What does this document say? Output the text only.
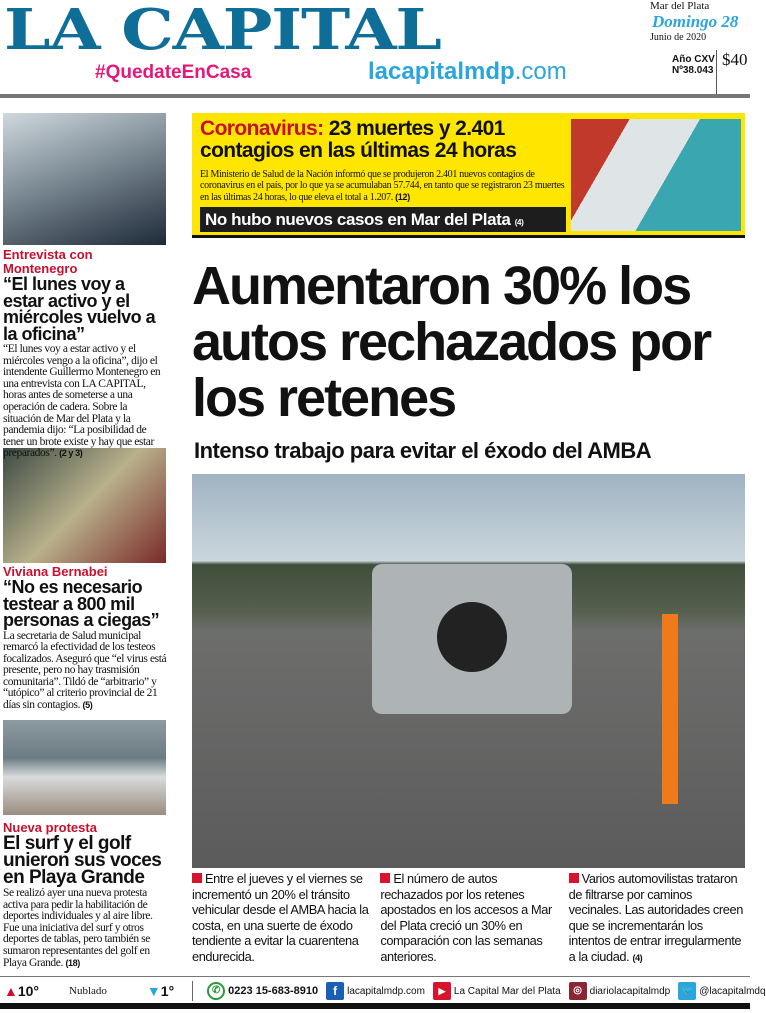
LA CAPITAL
#QuedateEnCasa	lacapitalmdp.com
Mar del Plata
Domingo 28
Junio de 2020
Año CXV
Nº38.043
$40
Entrevista con Montenegro
“El lunes voy a estar activo y el miércoles vuelvo a la oficina”
“El lunes voy a estar activo y el miércoles vengo a la oficina”, dijo el intendente Guillermo Montenegro en una entrevista con LA CAPITAL, horas antes de someterse a una operación de cadera. Sobre la situación de Mar del Plata y la pandemia dijo: “La posibilidad de tener un brote existe y hay que estar preparados”. (2 y 3)
Viviana Bernabei
“No es necesario testear a 800 mil personas a ciegas”
La secretaria de Salud municipal remarcó la efectividad de los testeos focalizados. Aseguró que “el virus está presente, pero no hay trasmisión comunitaria”. Tildó de “arbitrario” y “utópico” al criterio provincial de 21 días sin contagios. (5)
Nueva protesta
El surf y el golf unieron sus voces en Playa Grande
Se realizó ayer una nueva protesta activa para pedir la habilitación de deportes individuales y al aire libre. Fue una iniciativa del surf y otros deportes de tablas, pero también se sumaron representantes del golf en Playa Grande. (18)
Coronavirus: 23 muertes y 2.401
contagios en las últimas 24 horas
El Ministerio de Salud de la Nación informó que se produjeron 2.401 nuevos contagios de coronavirus en el país, por lo que ya se acumulaban 57.744, en tanto que se registraron 23 muertes en las últimas 24 horas, lo que eleva el total a 1.207. (12)
No hubo nuevos casos en Mar del Plata (4)
Aumentaron 30% los autos rechazados por los retenes
Intenso trabajo para evitar el éxodo del AMBA
Entre el jueves y el viernes se incrementó un 20% el tránsito vehicular desde el AMBA hacia la costa, en una suerte de éxodo tendiente a evitar la cuarentena endurecida.
El número de autos rechazados por los retenes apostados en los accesos a Mar del Plata creció un 30% en comparación con las semanas anteriores.
Varios automovilistas trataron de filtrarse por caminos vecinales. Las autoridades creen que se incrementarán los intentos de entrar irregularmente a la ciudad. (4)
▲ 10°	Nublado	▼ 1°	✆ 0223 15-683-8910	f	lacapitalmdp.com	▶ La Capital Mar del Plata	◎ diariolacapitalmdp 🐦 @lacapitalmdq
